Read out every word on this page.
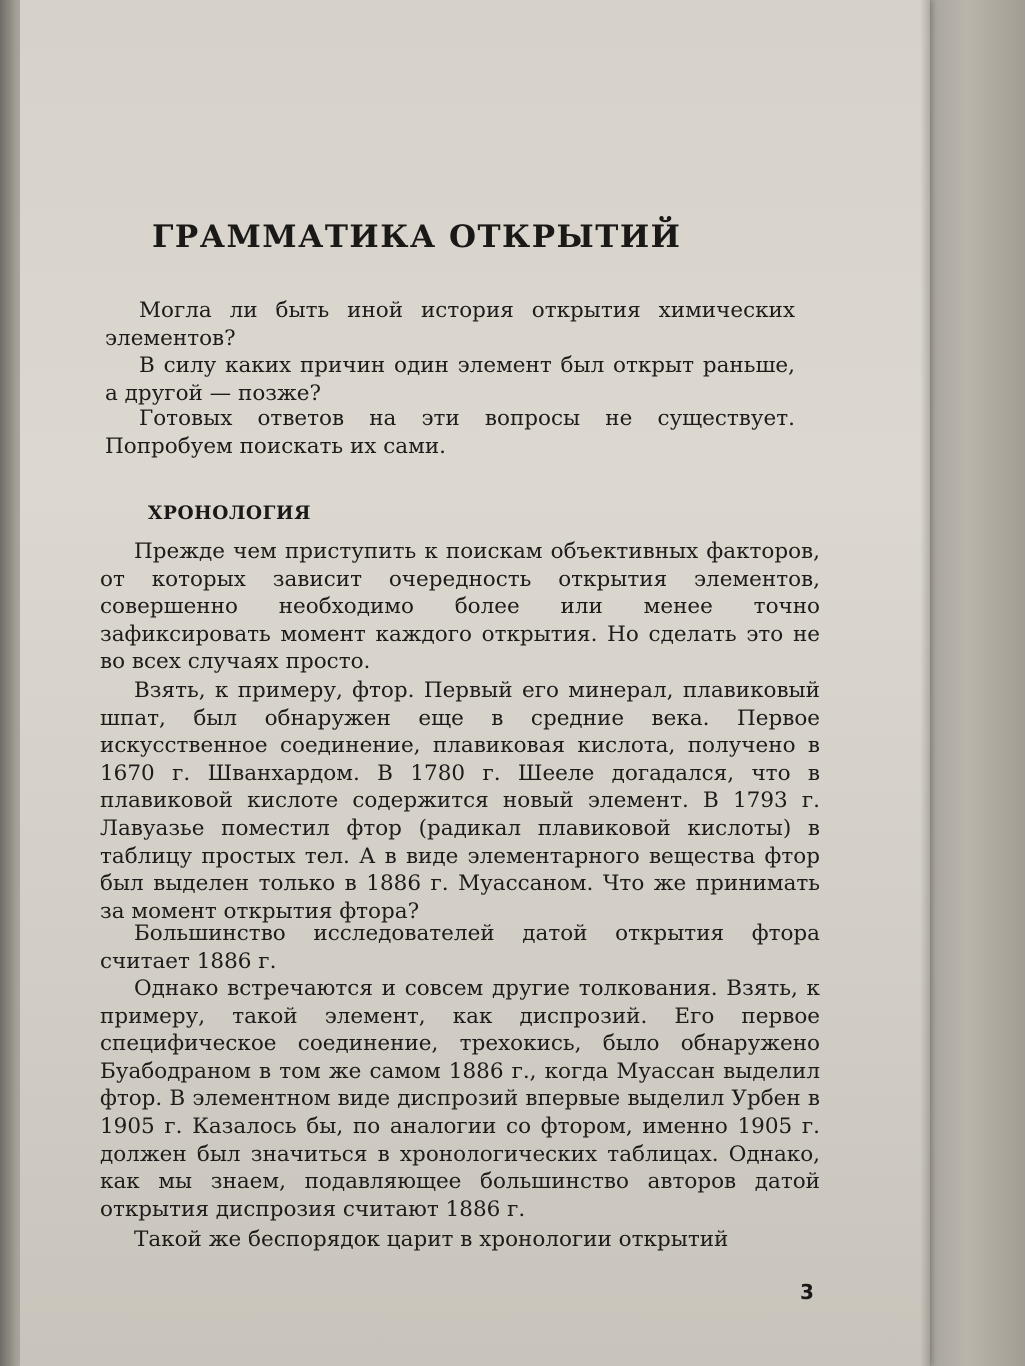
ГРАММАТИКА ОТКРЫТИЙ

Могла ли быть иной история открытия химических элементов?

В силу каких причин один элемент был открыт раньше, а другой — позже?

Готовых ответов на эти вопросы не существует. Попробуем поискать их сами.

ХРОНОЛОГИЯ

Прежде чем приступить к поискам объективных факторов, от которых зависит очередность открытия элементов, совершенно необходимо более или менее точно зафиксировать момент каждого открытия. Но сделать это не во всех случаях просто.

Взять, к примеру, фтор. Первый его минерал, плавиковый шпат, был обнаружен еще в средние века. Первое искусственное соединение, плавиковая кислота, получено в 1670 г. Шванхардом. В 1780 г. Шееле догадался, что в плавиковой кислоте содержится новый элемент. В 1793 г. Лавуазье поместил фтор (радикал плавиковой кислоты) в таблицу простых тел. А в виде элементарного вещества фтор был выделен только в 1886 г. Муассаном. Что же принимать за момент открытия фтора?

Большинство исследователей датой открытия фтора считает 1886 г.

Однако встречаются и совсем другие толкования. Взять, к примеру, такой элемент, как диспрозий. Его первое специфическое соединение, трехокись, было обнаружено Буабодраном в том же самом 1886 г., когда Муассан выделил фтор. В элементном виде диспрозий впервые выделил Урбен в 1905 г. Казалось бы, по аналогии со фтором, именно 1905 г. должен был значиться в хронологических таблицах. Однако, как мы знаем, подавляющее большинство авторов датой открытия диспрозия считают 1886 г.

Такой же беспорядок царит в хронологии открытий

3
